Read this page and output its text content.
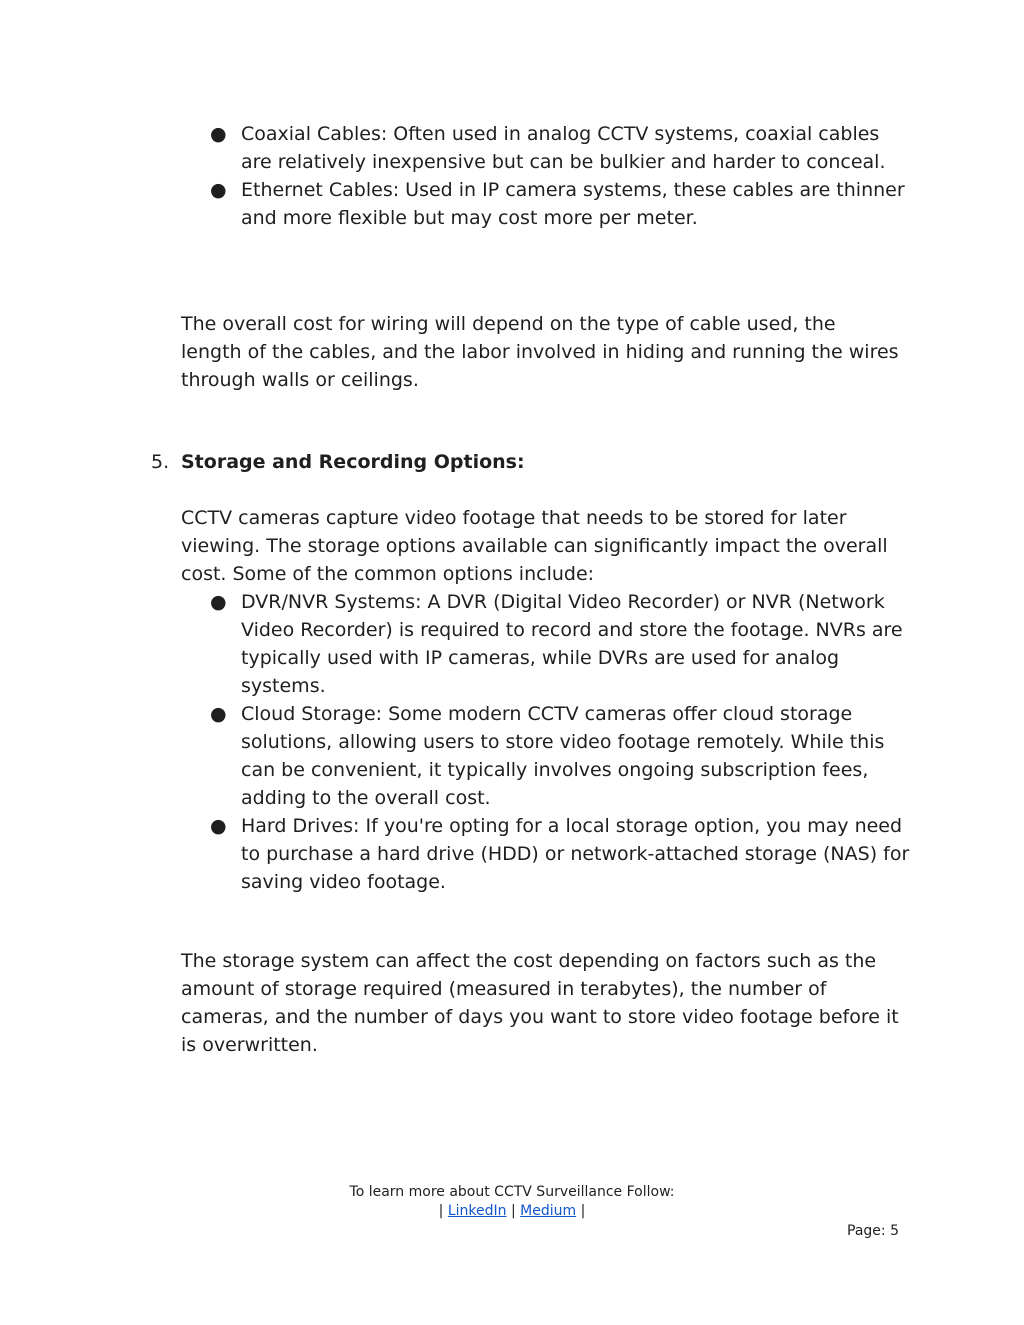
● Coaxial Cables: Often used in analog CCTV systems, coaxial cables are relatively inexpensive but can be bulkier and harder to conceal.
● Ethernet Cables: Used in IP camera systems, these cables are thinner and more flexible but may cost more per meter.

The overall cost for wiring will depend on the type of cable used, the length of the cables, and the labor involved in hiding and running the wires through walls or ceilings.

5. Storage and Recording Options:

CCTV cameras capture video footage that needs to be stored for later viewing. The storage options available can significantly impact the overall cost. Some of the common options include:

● DVR/NVR Systems: A DVR (Digital Video Recorder) or NVR (Network Video Recorder) is required to record and store the footage. NVRs are typically used with IP cameras, while DVRs are used for analog systems.
● Cloud Storage: Some modern CCTV cameras offer cloud storage solutions, allowing users to store video footage remotely. While this can be convenient, it typically involves ongoing subscription fees, adding to the overall cost.
● Hard Drives: If you're opting for a local storage option, you may need to purchase a hard drive (HDD) or network-attached storage (NAS) for saving video footage.

The storage system can affect the cost depending on factors such as the amount of storage required (measured in terabytes), the number of cameras, and the number of days you want to store video footage before it is overwritten.

To learn more about CCTV Surveillance Follow:
| LinkedIn | Medium |
Page: 5
